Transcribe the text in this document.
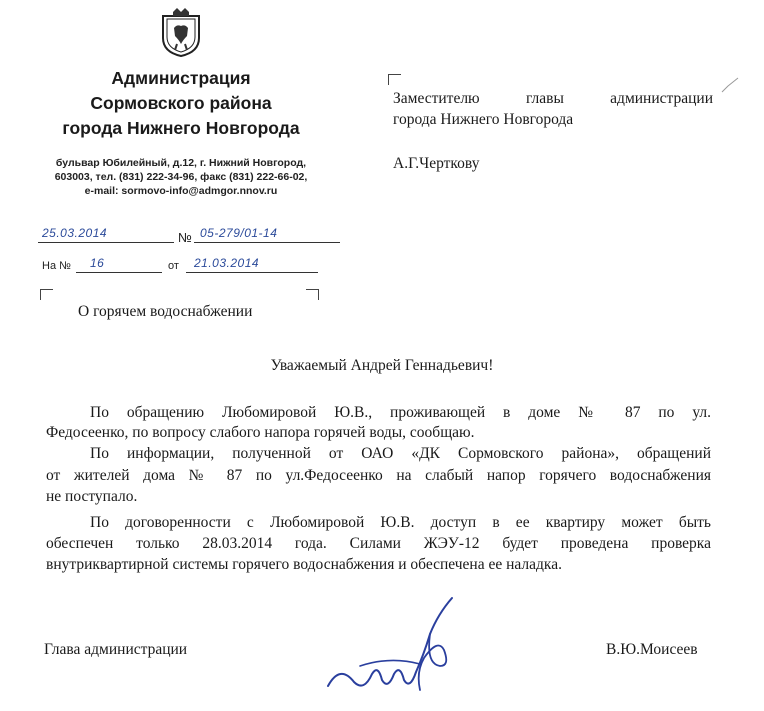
Администрация
Сормовского района
города Нижнего Новгорода
бульвар Юбилейный, д.12, г. Нижний Новгород,
603003, тел. (831) 222-34-96, факс (831) 222-66-02,
e-mail: sormovo-info@admgor.nnov.ru
25.03.2014	№ 05-279/01-14
На № 16	от 21.03.2014
О горячем водоснабжении
Заместителю главы администрации
города Нижнего Новгорода
А.Г.Черткову
Уважаемый Андрей Геннадьевич!
По обращению Любомировой Ю.В., проживающей в доме № 87 по ул.
Федосеенко, по вопросу слабого напора горячей воды, сообщаю.
По информации, полученной от ОАО «ДК Сормовского района», обращений
от жителей дома № 87 по ул.Федосеенко на слабый напор горячего водоснабжения
не поступало.
По договоренности с Любомировой Ю.В. доступ в ее квартиру может быть
обеспечен только 28.03.2014 года. Силами ЖЭУ-12 будет проведена проверка
внутриквартирной системы горячего водоснабжения и обеспечена ее наладка.
Глава администрации	В.Ю.Моисеев
